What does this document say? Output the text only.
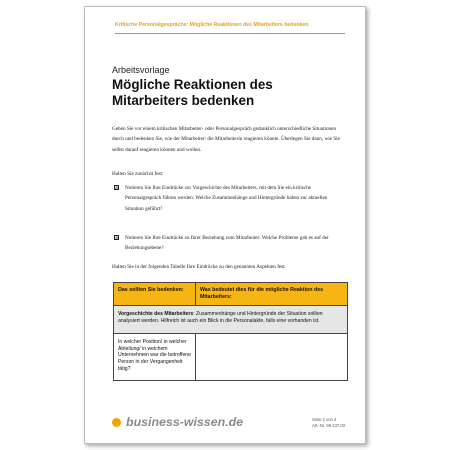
Kritische Personalgespräche: Mögliche Reaktionen des Mitarbeiters bedenken
Arbeitsvorlage
Mögliche Reaktionen des Mitarbeiters bedenken
Gehen Sie vor einem kritischen Mitarbeiter- oder Personalgespräch gedanklich unterschiedliche Situationen durch und bedenken Sie, wie der Mitarbeiter/ die Mitarbeiterin reagieren könnte. Überlegen Sie dann, wie Sie selbst darauf reagieren können und wollen.
Halten Sie zunächst fest:
☒ Notieren Sie Ihre Eindrücke zur Vorgeschichte des Mitarbeiters, mit dem Sie ein kritische Personalgespräch führen werden: Welche Zusammenhänge und Hintergründe haben zur aktuellen Situation geführt?
☒ Notieren Sie Ihre Eindrücke zu Ihrer Beziehung zum Mitarbeiter: Welche Probleme gab es auf der Beziehungsebene?
Halten Sie in der folgenden Tabelle Ihre Eindrücke zu den genannten Aspekten fest.
Das sollten Sie bedenken:	Was bedeutet dies für die mögliche Reaktion des Mitarbeiters:
Vorgeschichte des Mitarbeiters: Zusammenhänge und Hintergründe der Situation sollten analysiert werden. Hilfreich ist auch ein Blick in die Personalakte, falls eine vorhanden ist.
In welcher Position/ in welcher Abteilung/ in welchem Unternehmen war die betroffene Person in der Vergangenheit tätig?
business-wissen.de	Seite 1 von 4
Art.-Nr. 99.137.03
